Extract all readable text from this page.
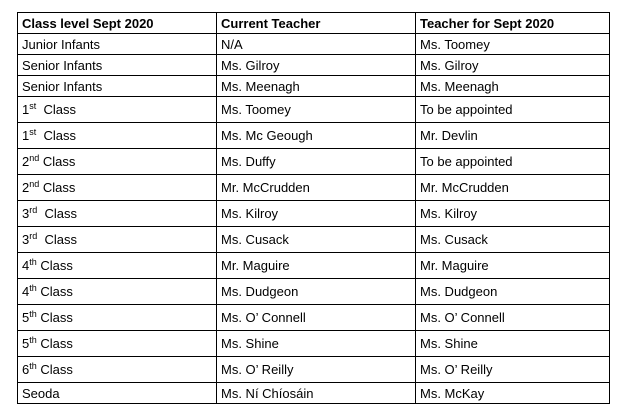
Class level Sept 2020	Current Teacher	Teacher for Sept 2020
Junior Infants	N/A	Ms. Toomey
Senior Infants	Ms. Gilroy	Ms. Gilroy
Senior Infants	Ms. Meenagh	Ms. Meenagh
1st  Class	Ms. Toomey	To be appointed
1st  Class	Ms. Mc Geough	Mr. Devlin
2nd Class	Ms. Duffy	To be appointed
2nd Class	Mr. McCrudden	Mr. McCrudden
3rd  Class	Ms. Kilroy	Ms. Kilroy
3rd  Class	Ms. Cusack	Ms. Cusack
4th Class	Mr. Maguire	Mr. Maguire
4th Class	Ms. Dudgeon	Ms. Dudgeon
5th Class	Ms. O’ Connell	Ms. O’ Connell
5th Class	Ms. Shine	Ms. Shine
6th Class	Ms. O’ Reilly	Ms. O’ Reilly
Seoda	Ms. Ní Chíosáin	Ms. McKay
